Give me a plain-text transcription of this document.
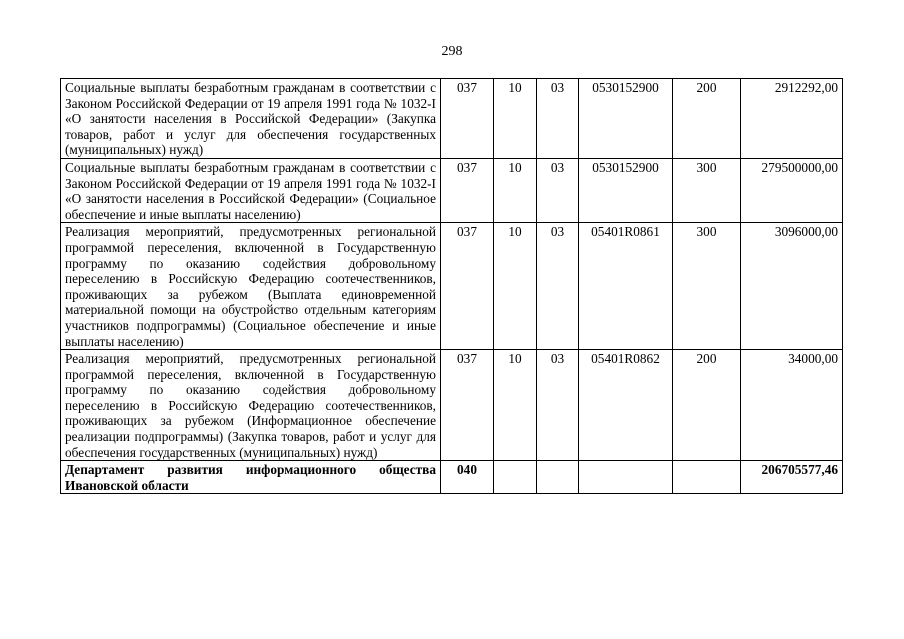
298
Социальные выплаты безработным гражданам в соответствии с Законом Российской Федерации от 19 апреля 1991 года № 1032-I «О занятости населения в Российской Федерации» (Закупка товаров, работ и услуг для обеспечения государственных (муниципальных) нужд)	037	10	03	0530152900	200	2912292,00
Социальные выплаты безработным гражданам в соответствии с Законом Российской Федерации от 19 апреля 1991 года № 1032-I «О занятости населения в Российской Федерации» (Социальное обеспечение и иные выплаты населению)	037	10	03	0530152900	300	279500000,00
Реализация мероприятий, предусмотренных региональной программой переселения, включенной в Государственную программу по оказанию содействия добровольному переселению в Российскую Федерацию соотечественников, проживающих за рубежом (Выплата единовременной материальной помощи на обустройство отдельным категориям участников подпрограммы) (Социальное обеспечение и иные выплаты населению)	037	10	03	05401R0861	300	3096000,00
Реализация мероприятий, предусмотренных региональной программой переселения, включенной в Государственную программу по оказанию содействия добровольному переселению в Российскую Федерацию соотечественников, проживающих за рубежом (Информационное обеспечение реализации подпрограммы) (Закупка товаров, работ и услуг для обеспечения государственных (муниципальных) нужд)	037	10	03	05401R0862	200	34000,00
Департамент развития информационного общества Ивановской области	040					206705577,46
